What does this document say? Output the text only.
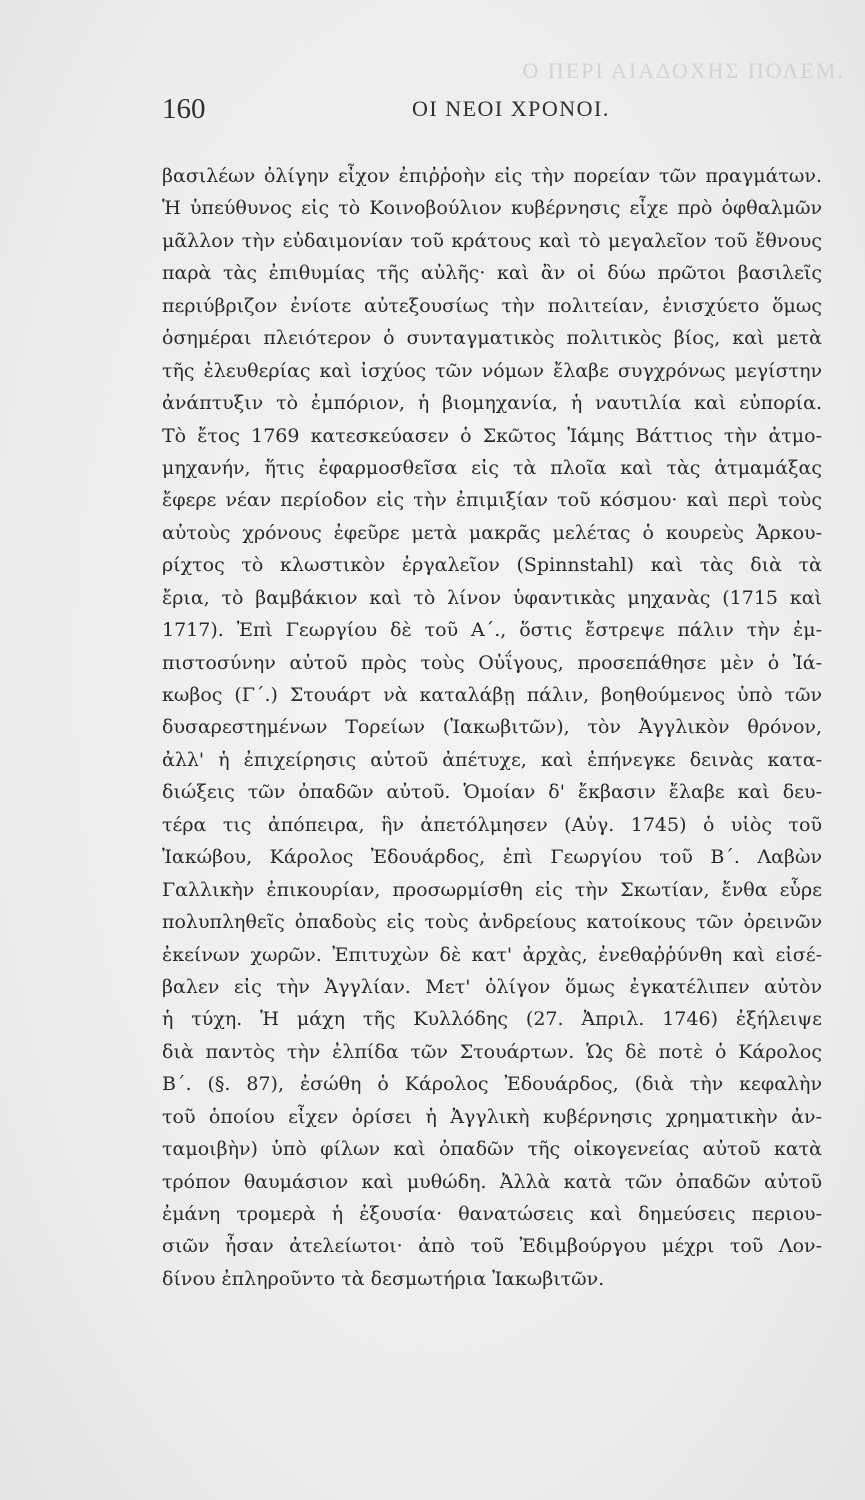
Ο ΠΕΡΙ ΑΙΑΔΟΧΗΣ ΠΟΛΕΜ.
160	ΟΙ ΝΕΟΙ ΧΡΟΝΟΙ.
βασιλέων ὀλίγην εἶχον ἐπιῤῥοὴν εἰς τὴν πορείαν τῶν πραγμάτων.
Ἡ ὑπεύθυνος εἰς τὸ Κοινοβούλιον κυβέρνησις εἶχε πρὸ ὀφθαλμῶν
μᾶλλον τὴν εὐδαιμονίαν τοῦ κράτους καὶ τὸ μεγαλεῖον τοῦ ἔθνους
παρὰ τὰς ἐπιθυμίας τῆς αὐλῆς· καὶ ἂν οἱ δύω πρῶτοι βασιλεῖς
περιύβριζον ἐνίοτε αὐτεξουσίως τὴν πολιτείαν, ἐνισχύετο ὅμως
ὁσημέραι πλειότερον ὁ συνταγματικὸς πολιτικὸς βίος, καὶ μετὰ
τῆς ἐλευθερίας καὶ ἰσχύος τῶν νόμων ἔλαβε συγχρόνως μεγίστην
ἀνάπτυξιν τὸ ἐμπόριον, ἡ βιομηχανία, ἡ ναυτιλία καὶ εὐπορία.
Τὸ ἔτος 1769 κατεσκεύασεν ὁ Σκῶτος Ἰάμης Βάττιος τὴν ἀτμο-
μηχανήν, ἥτις ἐφαρμοσθεῖσα εἰς τὰ πλοῖα καὶ τὰς ἁτμαμάξας
ἔφερε νέαν περίοδον εἰς τὴν ἐπιμιξίαν τοῦ κόσμου· καὶ περὶ τοὺς
αὐτοὺς χρόνους ἐφεῦρε μετὰ μακρᾶς μελέτας ὁ κουρεὺς Ἀρκου-
ρίχτος τὸ κλωστικὸν ἐργαλεῖον (Spinnstahl) καὶ τὰς διὰ τὰ
ἔρια, τὸ βαμβάκιον καὶ τὸ λίνον ὑφαντικὰς μηχανὰς (1715 καὶ
1717). Ἐπὶ Γεωργίου δὲ τοῦ Α΄., ὅστις ἔστρεψε πάλιν τὴν ἐμ-
πιστοσύνην αὐτοῦ πρὸς τοὺς Οὐΐγους, προσεπάθησε μὲν ὁ Ἰά-
κωβος (Γ΄.) Στουάρτ νὰ καταλάβῃ πάλιν, βοηθούμενος ὑπὸ τῶν
δυσαρεστημένων Τορείων (Ἰακωβιτῶν), τὸν Ἀγγλικὸν θρόνον,
ἀλλ' ἡ ἐπιχείρησις αὐτοῦ ἀπέτυχε, καὶ ἐπήνεγκε δεινὰς κατα-
διώξεις τῶν ὀπαδῶν αὐτοῦ. Ὁμοίαν δ' ἔκβασιν ἔλαβε καὶ δευ-
τέρα τις ἀπόπειρα, ἣν ἀπετόλμησεν (Αὐγ. 1745) ὁ υἱὸς τοῦ
Ἰακώβου, Κάρολος Ἐδουάρδος, ἐπὶ Γεωργίου τοῦ Β΄. Λαβὼν
Γαλλικὴν ἐπικουρίαν, προσωρμίσθη εἰς τὴν Σκωτίαν, ἔνθα εὗρε
πολυπληθεῖς ὀπαδοὺς εἰς τοὺς ἀνδρείους κατοίκους τῶν ὀρεινῶν
ἐκείνων χωρῶν. Ἐπιτυχὼν δὲ κατ' ἀρχὰς, ἐνεθαῤῥύνθη καὶ εἰσέ-
βαλεν εἰς τὴν Ἀγγλίαν. Μετ' ὀλίγον ὅμως ἐγκατέλιπεν αὐτὸν
ἡ τύχη. Ἡ μάχη τῆς Κυλλόδης (27. Ἀπριλ. 1746) ἐξήλειψε
διὰ παντὸς τὴν ἐλπίδα τῶν Στουάρτων. Ὡς δὲ ποτὲ ὁ Κάρολος
Β΄. (§. 87), ἐσώθη ὁ Κάρολος Ἐδουάρδος, (διὰ τὴν κεφαλὴν
τοῦ ὁποίου εἶχεν ὁρίσει ἡ Ἀγγλικὴ κυβέρνησις χρηματικὴν ἀν-
ταμοιβὴν) ὑπὸ φίλων καὶ ὀπαδῶν τῆς οἰκογενείας αὐτοῦ κατὰ
τρόπον θαυμάσιον καὶ μυθώδη. Ἀλλὰ κατὰ τῶν ὀπαδῶν αὐτοῦ
ἐμάνη τρομερὰ ἡ ἐξουσία· θανατώσεις καὶ δημεύσεις περιου-
σιῶν ἦσαν ἀτελείωτοι· ἀπὸ τοῦ Ἐδιμβούργου μέχρι τοῦ Λον-
δίνου ἐπληροῦντο τὰ δεσμωτήρια Ἰακωβιτῶν.
